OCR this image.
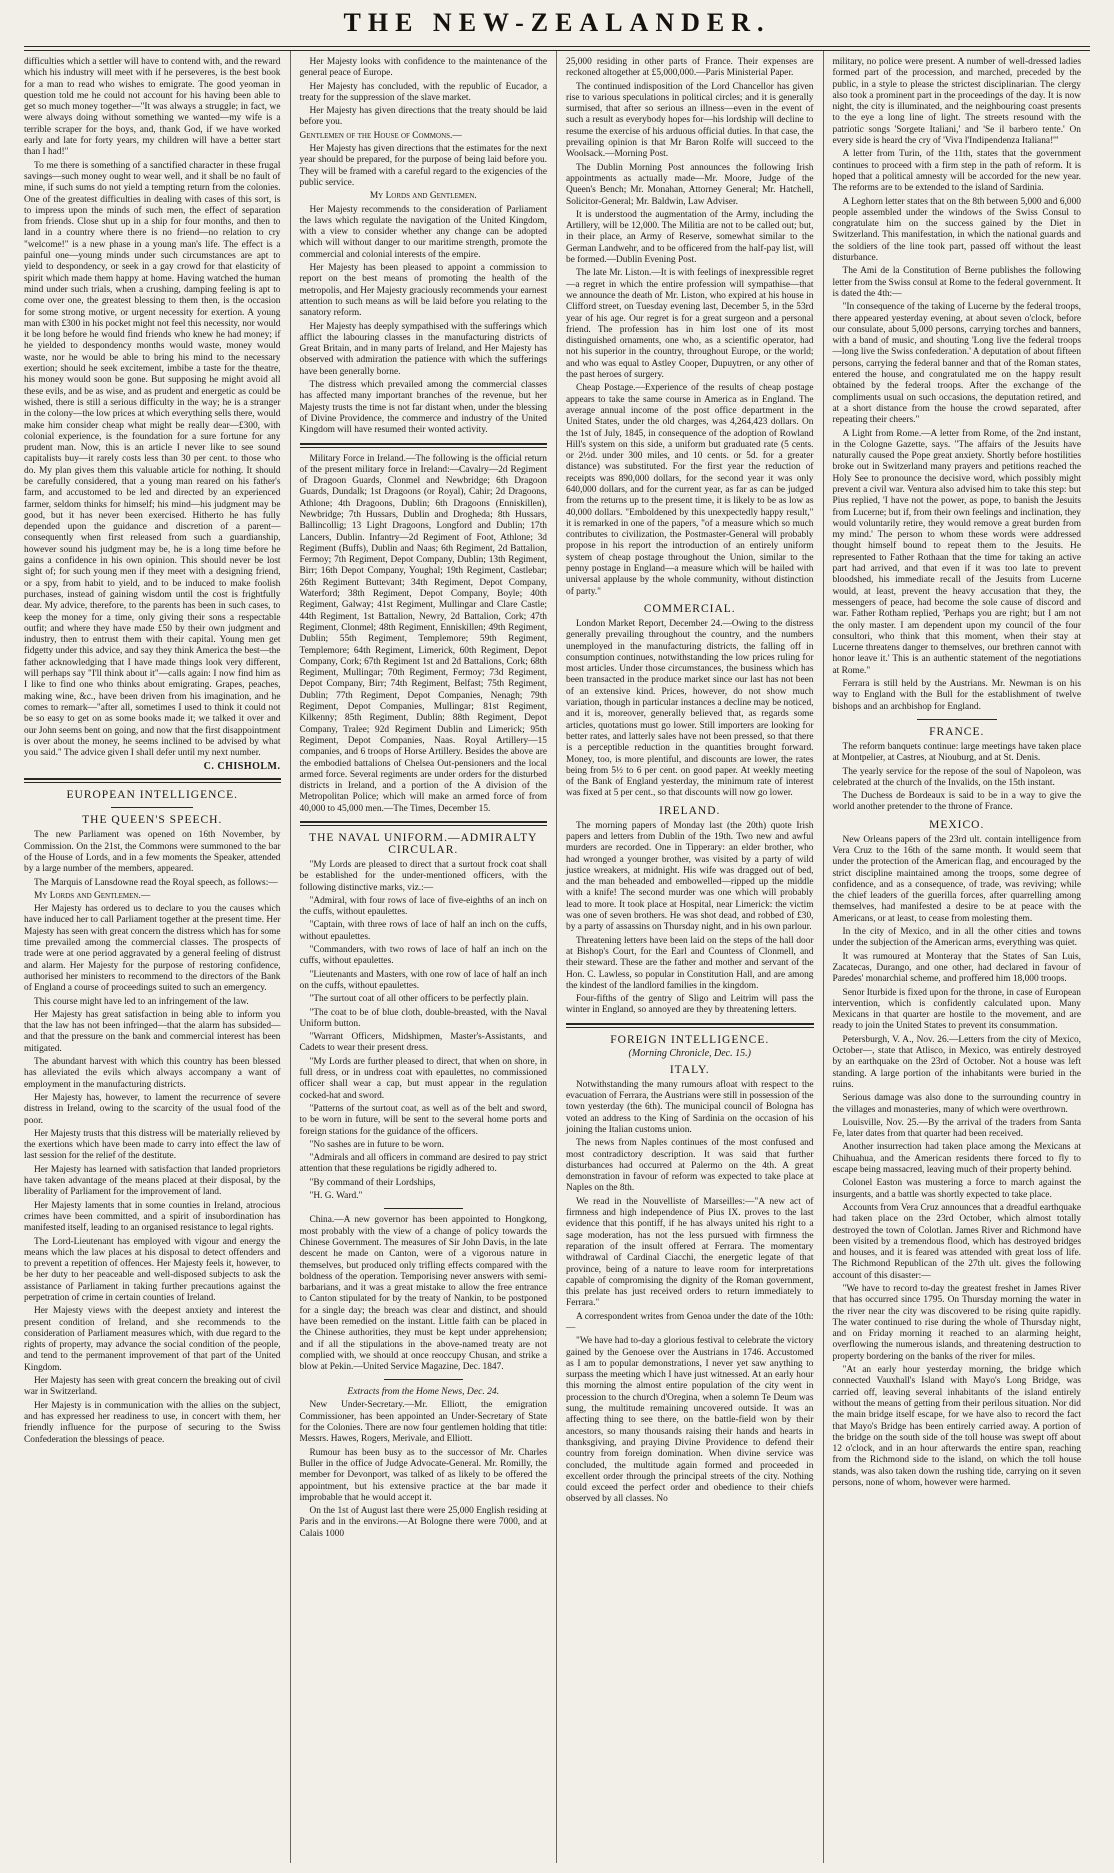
THE NEW-ZEALANDER.

difficulties which a settler will have to contend with, and the reward which his industry will meet with if he perseveres, is the best book for a man to read who wishes to emigrate. The good yeoman in question told me he could not account for his having been able to get so much money together—"It was always a struggle; in fact, we were always doing without something we wanted—my wife is a terrible scraper for the boys, and, thank God, if we have worked early and late for forty years, my children will have a better start than I had!"

To me there is something of a sanctified character in these frugal savings—such money ought to wear well, and it shall be no fault of mine, if such sums do not yield a tempting return from the colonies. One of the greatest difficulties in dealing with cases of this sort, is to impress upon the minds of such men, the effect of separation from friends. Close shut up in a ship for four months, and then to land in a country where there is no friend—no relation to cry "welcome!" is a new phase in a young man's life. The effect is a painful one—young minds under such circumstances are apt to yield to despondency, or seek in a gay crowd for that elasticity of spirit which made them happy at home. Having watched the human mind under such trials, when a crushing, damping feeling is apt to come over one, the greatest blessing to them then, is the occasion for some strong motive, or urgent necessity for exertion. A young man with £300 in his pocket might not feel this necessity, nor would it be long before he would find friends who knew he had money; if he yielded to despondency months would waste, money would waste, nor he would be able to bring his mind to the necessary exertion; should he seek excitement, imbibe a taste for the theatre, his money would soon be gone. But supposing he might avoid all these evils, and be as wise, and as prudent and energetic as could be wished, there is still a serious difficulty in the way; he is a stranger in the colony—the low prices at which everything sells there, would make him consider cheap what might be really dear—£300, with colonial experience, is the foundation for a sure fortune for any prudent man. Now, this is an article I never like to see sound capitalists buy—it rarely costs less than 30 per cent. to those who do. My plan gives them this valuable article for nothing. It should be carefully considered, that a young man reared on his father's farm, and accustomed to be led and directed by an experienced farmer, seldom thinks for himself; his mind—his judgment may be good, but it has never been exercised. Hitherto he has fully depended upon the guidance and discretion of a parent—consequently when first released from such a guardianship, however sound his judgment may be, he is a long time before he gains a confidence in his own opinion. This should never be lost sight of; for such young men if they meet with a designing friend, or a spy, from habit to yield, and to be induced to make foolish purchases, instead of gaining wisdom until the cost is frightfully dear. My advice, therefore, to the parents has been in such cases, to keep the money for a time, only giving their sons a respectable outfit; and where they have made £50 by their own judgment and industry, then to entrust them with their capital. Young men get fidgetty under this advice, and say they think America the best—the father acknowledging that I have made things look very different, will perhaps say "I'll think about it"—calls again: I now find him as I like to find one who thinks about emigrating. Grapes, peaches, making wine, &c., have been driven from his imagination, and he comes to remark—"after all, sometimes I used to think it could not be so easy to get on as some books made it; we talked it over and our John seems bent on going, and now that the first disappointment is over about the money, he seems inclined to be advised by what you said." The advice given I shall defer until my next number.

C. CHISHOLM.
EUROPEAN INTELLIGENCE.
THE QUEEN'S SPEECH.

The new Parliament was opened on 16th November, by Commission. On the 21st, the Commons were summoned to the bar of the House of Lords, and in a few moments the Speaker, attended by a large number of the members, appeared.

The Marquis of Lansdowne read the Royal speech, as follows:—

My Lords and Gentlemen.—

Her Majesty has ordered us to declare to you the causes which have induced her to call Parliament together at the present time. Her Majesty has seen with great concern the distress which has for some time prevailed among the commercial classes. The prospects of trade were at one period aggravated by a general feeling of distrust and alarm. Her Majesty for the purpose of restoring confidence, authorised her ministers to recommend to the directors of the Bank of England a course of proceedings suited to such an emergency.

This course might have led to an infringement of the law.

Her Majesty has great satisfaction in being able to inform you that the law has not been infringed—that the alarm has subsided—and that the pressure on the bank and commercial interest has been mitigated.

The abundant harvest with which this country has been blessed has alleviated the evils which always accompany a want of employment in the manufacturing districts.

Her Majesty has, however, to lament the recurrence of severe distress in Ireland, owing to the scarcity of the usual food of the poor.

Her Majesty trusts that this distress will be materially relieved by the exertions which have been made to carry into effect the law of last session for the relief of the destitute.

Her Majesty has learned with satisfaction that landed proprietors have taken advantage of the means placed at their disposal, by the liberality of Parliament for the improvement of land.

Her Majesty laments that in some counties in Ireland, atrocious crimes have been committed, and a spirit of insubordination has manifested itself, leading to an organised resistance to legal rights.

The Lord-Lieutenant has employed with vigour and energy the means which the law places at his disposal to detect offenders and to prevent a repetition of offences. Her Majesty feels it, however, to be her duty to her peaceable and well-disposed subjects to ask the assistance of Parliament in taking further precautions against the perpetration of crime in certain counties of Ireland.

Her Majesty views with the deepest anxiety and interest the present condition of Ireland, and she recommends to the consideration of Parliament measures which, with due regard to the rights of property, may advance the social condition of the people, and tend to the permanent improvement of that part of the United Kingdom.

Her Majesty has seen with great concern the breaking out of civil war in Switzerland.

Her Majesty is in communication with the allies on the subject, and has expressed her readiness to use, in concert with them, her friendly influence for the purpose of securing to the Swiss Confederation the blessings of peace.

Her Majesty looks with confidence to the maintenance of the general peace of Europe.

Her Majesty has concluded, with the republic of Eucador, a treaty for the suppression of the slave market.

Her Majesty has given directions that the treaty should be laid before you.

Gentlemen of the House of Commons.—

Her Majesty has given directions that the estimates for the next year should be prepared, for the purpose of being laid before you. They will be framed with a careful regard to the exigencies of the public service.

My Lords and Gentlemen.

Her Majesty recommends to the consideration of Parliament the laws which regulate the navigation of the United Kingdom, with a view to consider whether any change can be adopted which will without danger to our maritime strength, promote the commercial and colonial interests of the empire.

Her Majesty has been pleased to appoint a commission to report on the best means of promoting the health of the metropolis, and Her Majesty graciously recommends your earnest attention to such means as will be laid before you relating to the sanatory reform.

Her Majesty has deeply sympathised with the sufferings which afflict the labouring classes in the manufacturing districts of Great Britain, and in many parts of Ireland, and Her Majesty has observed with admiration the patience with which the sufferings have been generally borne.

The distress which prevailed among the commercial classes has affected many important branches of the revenue, but her Majesty trusts the time is not far distant when, under the blessing of Divine Providence, the commerce and industry of the United Kingdom will have resumed their wonted activity.

Military Force in Ireland.—The following is the official return of the present military force in Ireland:—Cavalry—2d Regiment of Dragoon Guards, Clonmel and Newbridge; 6th Dragoon Guards, Dundalk; 1st Dragoons (or Royal), Cahir; 2d Dragoons, Athlone; 4th Dragoons, Dublin; 6th Dragoons (Enniskillen), Newbridge; 7th Hussars, Dublin and Drogheda; 8th Hussars, Ballincollig; 13 Light Dragoons, Longford and Dublin; 17th Lancers, Dublin. Infantry—2d Regiment of Foot, Athlone; 3d Regiment (Buffs), Dublin and Naas; 6th Regiment, 2d Battalion, Fermoy; 7th Regiment, Depot Company, Dublin; 13th Regiment, Birr; 16th Depot Company, Youghal; 19th Regiment, Castlebar; 26th Regiment Buttevant; 34th Regiment, Depot Company, Waterford; 38th Regiment, Depot Company, Boyle; 40th Regiment, Galway; 41st Regiment, Mullingar and Clare Castle; 44th Regiment, 1st Battalion, Newry, 2d Battalion, Cork; 47th Regiment, Clonmel; 48th Regiment, Enniskillen; 49th Regiment, Dublin; 55th Regiment, Templemore; 59th Regiment, Templemore; 64th Regiment, Limerick, 60th Regiment, Depot Company, Cork; 67th Regiment 1st and 2d Battalions, Cork; 68th Regiment, Mullingar; 70th Regiment, Fermoy; 73d Regiment, Depot Company, Birr; 74th Regiment, Belfast; 75th Regiment, Dublin; 77th Regiment, Depot Companies, Nenagh; 79th Regiment, Depot Companies, Mullingar; 81st Regiment, Kilkenny; 85th Regiment, Dublin; 88th Regiment, Depot Company, Tralee; 92d Regiment Dublin and Limerick; 95th Regiment, Depot Companies, Naas. Royal Artillery—15 companies, and 6 troops of Horse Artillery. Besides the above are the embodied battalions of Chelsea Out-pensioners and the local armed force. Several regiments are under orders for the disturbed districts in Ireland, and a portion of the A division of the Metropolitan Police; which will make an armed force of from 40,000 to 45,000 men.—The Times, December 15.

THE NAVAL UNIFORM.—ADMIRALTY CIRCULAR.

"My Lords are pleased to direct that a surtout frock coat shall be established for the under-mentioned officers, with the following distinctive marks, viz.:—

"Admiral, with four rows of lace of five-eighths of an inch on the cuffs, without epaulettes.

"Captain, with three rows of lace of half an inch on the cuffs, without epaulettes.

"Commanders, with two rows of lace of half an inch on the cuffs, without epaulettes.

"Lieutenants and Masters, with one row of lace of half an inch on the cuffs, without epaulettes.

"The surtout coat of all other officers to be perfectly plain.

"The coat to be of blue cloth, double-breasted, with the Naval Uniform button.

"Warrant Officers, Midshipmen, Master's-Assistants, and Cadets to wear their present dress.

"My Lords are further pleased to direct, that when on shore, in full dress, or in undress coat with epaulettes, no commissioned officer shall wear a cap, but must appear in the regulation cocked-hat and sword.

"Patterns of the surtout coat, as well as of the belt and sword, to be worn in future, will be sent to the several home ports and foreign stations for the guidance of the officers.

"No sashes are in future to be worn.

"Admirals and all officers in command are desired to pay strict attention that these regulations be rigidly adhered to.

"By command of their Lordships,

"H. G. Ward."

China.—A new governor has been appointed to Hongkong, most probably with the view of a change of policy towards the Chinese Government. The measures of Sir John Davis, in the late descent he made on Canton, were of a vigorous nature in themselves, but produced only trifling effects compared with the boldness of the operation. Temporising never answers with semi-barbarians, and it was a great mistake to allow the free entrance to Canton stipulated for by the treaty of Nankin, to be postponed for a single day; the breach was clear and distinct, and should have been remedied on the instant. Little faith can be placed in the Chinese authorities, they must be kept under apprehension; and if all the stipulations in the above-named treaty are not complied with, we should at once reoccupy Chusan, and strike a blow at Pekin.—United Service Magazine, Dec. 1847.

Extracts from the Home News, Dec. 24.

New Under-Secretary.—Mr. Elliott, the emigration Commissioner, has been appointed an Under-Secretary of State for the Colonies. There are now four gentlemen holding that title: Messrs. Hawes, Rogers, Merivale, and Elliott.

Rumour has been busy as to the successor of Mr. Charles Buller in the office of Judge Advocate-General. Mr. Romilly, the member for Devonport, was talked of as likely to be offered the appointment, but his extensive practice at the bar made it improbable that he would accept it.

On the 1st of August last there were 25,000 English residing at Paris and in the environs.—At Bologne there were 7000, and at Calais 1000

25,000 residing in other parts of France. Their expenses are reckoned altogether at £5,000,000.—Paris Ministerial Paper.

The continued indisposition of the Lord Chancellor has given rise to various speculations in political circles; and it is generally surmised, that after so serious an illness—even in the event of such a result as everybody hopes for—his lordship will decline to resume the exercise of his arduous official duties. In that case, the prevailing opinion is that Mr Baron Rolfe will succeed to the Woolsack.—Morning Post.

The Dublin Morning Post announces the following Irish appointments as actually made—Mr. Moore, Judge of the Queen's Bench; Mr. Monahan, Attorney General; Mr. Hatchell, Solicitor-General; Mr. Baldwin, Law Adviser.

It is understood the augmentation of the Army, including the Artillery, will be 12,000. The Militia are not to be called out; but, in their place, an Army of Reserve, somewhat similar to the German Landwehr, and to be officered from the half-pay list, will be formed.—Dublin Evening Post.

The late Mr. Liston.—It is with feelings of inexpressible regret—a regret in which the entire profession will sympathise—that we announce the death of Mr. Liston, who expired at his house in Clifford street, on Tuesday evening last, December 5, in the 53rd year of his age. Our regret is for a great surgeon and a personal friend. The profession has in him lost one of its most distinguished ornaments, one who, as a scientific operator, had not his superior in the country, throughout Europe, or the world; and who was equal to Astley Cooper, Dupuytren, or any other of the past heroes of surgery.

Cheap Postage.—Experience of the results of cheap postage appears to take the same course in America as in England. The average annual income of the post office department in the United States, under the old charges, was 4,264,423 dollars. On the 1st of July, 1845, in consequence of the adoption of Rowland Hill's system on this side, a uniform but graduated rate (5 cents. or 2½d. under 300 miles, and 10 cents. or 5d. for a greater distance) was substituted. For the first year the reduction of receipts was 890,000 dollars, for the second year it was only 640,000 dollars, and for the current year, as far as can be judged from the returns up to the present time, it is likely to be as low as 40,000 dollars. "Emboldened by this unexpectedly happy result," it is remarked in one of the papers, "of a measure which so much contributes to civilization, the Postmaster-General will probably propose in his report the introduction of an entirely uniform system of cheap postage throughout the Union, similar to the penny postage in England—a measure which will be hailed with universal applause by the whole community, without distinction of party."

COMMERCIAL.

London Market Report, December 24.—Owing to the distress generally prevailing throughout the country, and the numbers unemployed in the manufacturing districts, the falling off in consumption continues, notwithstanding the low prices ruling for most articles. Under those circumstances, the business which has been transacted in the produce market since our last has not been of an extensive kind. Prices, however, do not show much variation, though in particular instances a decline may be noticed, and it is, moreover, generally believed that, as regards some articles, quotations must go lower. Still importers are looking for better rates, and latterly sales have not been pressed, so that there is a perceptible reduction in the quantities brought forward. Money, too, is more plentiful, and discounts are lower, the rates being from 5½ to 6 per cent. on good paper. At weekly meeting of the Bank of England yesterday, the minimum rate of interest was fixed at 5 per cent., so that discounts will now go lower.

IRELAND.

The morning papers of Monday last (the 20th) quote Irish papers and letters from Dublin of the 19th. Two new and awful murders are recorded. One in Tipperary: an elder brother, who had wronged a younger brother, was visited by a party of wild justice wreakers, at midnight. His wife was dragged out of bed, and the man beheaded and embowelled—ripped up the middle with a knife! The second murder was one which will probably lead to more. It took place at Hospital, near Limerick: the victim was one of seven brothers. He was shot dead, and robbed of £30, by a party of assassins on Thursday night, and in his own parlour.

Threatening letters have been laid on the steps of the hall door at Bishop's Court, for the Earl and Countess of Clonmell, and their steward. These are the father and mother and servant of the Hon. C. Lawless, so popular in Constitution Hall, and are among the kindest of the landlord families in the kingdom.

Four-fifths of the gentry of Sligo and Leitrim will pass the winter in England, so annoyed are they by threatening letters.

FOREIGN INTELLIGENCE.
(Morning Chronicle, Dec. 15.)
ITALY.

Notwithstanding the many rumours afloat with respect to the evacuation of Ferrara, the Austrians were still in possession of the town yesterday (the 6th). The municipal council of Bologna has voted an address to the King of Sardinia on the occasion of his joining the Italian customs union.

The news from Naples continues of the most confused and most contradictory description. It was said that further disturbances had occurred at Palermo on the 4th. A great demonstration in favour of reform was expected to take place at Naples on the 8th.

We read in the Nouvelliste of Marseilles:—"A new act of firmness and high independence of Pius IX. proves to the last evidence that this pontiff, if he has always united his right to a sage moderation, has not the less pursued with firmness the reparation of the insult offered at Ferrara. The momentary withdrawal of Cardinal Ciacchi, the energetic legate of that province, being of a nature to leave room for interpretations capable of compromising the dignity of the Roman government, this prelate has just received orders to return immediately to Ferrara."

A correspondent writes from Genoa under the date of the 10th:—

"We have had to-day a glorious festival to celebrate the victory gained by the Genoese over the Austrians in 1746. Accustomed as I am to popular demonstrations, I never yet saw anything to surpass the meeting which I have just witnessed. At an early hour this morning the almost entire population of the city went in procession to the church d'Oregina, when a solemn Te Deum was sung, the multitude remaining uncovered outside. It was an affecting thing to see there, on the battle-field won by their ancestors, so many thousands raising their hands and hearts in thanksgiving, and praying Divine Providence to defend their country from foreign domination. When divine service was concluded, the multitude again formed and proceeded in excellent order through the principal streets of the city. Nothing could exceed the perfect order and obedience to their chiefs observed by all classes. No

military, no police were present. A number of well-dressed ladies formed part of the procession, and marched, preceded by the public, in a style to please the strictest disciplinarian. The clergy also took a prominent part in the proceedings of the day. It is now night, the city is illuminated, and the neighbouring coast presents to the eye a long line of light. The streets resound with the patriotic songs 'Sorgete Italiani,' and 'Se il barbero tente.' On every side is heard the cry of 'Viva l'Indipendenza Italiana!'"

A letter from Turin, of the 11th, states that the government continues to proceed with a firm step in the path of reform. It is hoped that a political amnesty will be accorded for the new year. The reforms are to be extended to the island of Sardinia.

A Leghorn letter states that on the 8th between 5,000 and 6,000 people assembled under the windows of the Swiss Consul to congratulate him on the success gained by the Diet in Switzerland. This manifestation, in which the national guards and the soldiers of the line took part, passed off without the least disturbance.

The Ami de la Constitution of Berne publishes the following letter from the Swiss consul at Rome to the federal government. It is dated the 4th:—

"In consequence of the taking of Lucerne by the federal troops, there appeared yesterday evening, at about seven o'clock, before our consulate, about 5,000 persons, carrying torches and banners, with a band of music, and shouting 'Long live the federal troops—long live the Swiss confederation.' A deputation of about fifteen persons, carrying the federal banner and that of the Roman states, entered the house, and congratulated me on the happy result obtained by the federal troops. After the exchange of the compliments usual on such occasions, the deputation retired, and at a short distance from the house the crowd separated, after repeating their cheers."

A Light from Rome.—A letter from Rome, of the 2nd instant, in the Cologne Gazette, says. "The affairs of the Jesuits have naturally caused the Pope great anxiety. Shortly before hostilities broke out in Switzerland many prayers and petitions reached the Holy See to pronounce the decisive word, which possibly might prevent a civil war. Ventura also advised him to take this step: but Pius replied, 'I have not the power, as pope, to banish the Jesuits from Lucerne; but if, from their own feelings and inclination, they would voluntarily retire, they would remove a great burden from my mind.' The person to whom these words were addressed thought himself bound to repeat them to the Jesuits. He represented to Father Rothaan that the time for taking an active part had arrived, and that even if it was too late to prevent bloodshed, his immediate recall of the Jesuits from Lucerne would, at least, prevent the heavy accusation that they, the messengers of peace, had become the sole cause of discord and war. Father Rotham replied, 'Perhaps you are right; but I am not the only master. I am dependent upon my council of the four consultori, who think that this moment, when their stay at Lucerne threatens danger to themselves, our brethren cannot with honor leave it.' This is an authentic statement of the negotiations at Rome."

Ferrara is still held by the Austrians. Mr. Newman is on his way to England with the Bull for the establishment of twelve bishops and an archbishop for England.

FRANCE.

The reform banquets continue: large meetings have taken place at Montpelier, at Castres, at Niouburg, and at St. Denis.

The yearly service for the repose of the soul of Napoleon, was celebrated at the church of the Invalids, on the 15th instant.

The Duchess de Bordeaux is said to be in a way to give the world another pretender to the throne of France.

MEXICO.

New Orleans papers of the 23rd ult. contain intelligence from Vera Cruz to the 16th of the same month. It would seem that under the protection of the American flag, and encouraged by the strict discipline maintained among the troops, some degree of confidence, and as a consequence, of trade, was reviving; while the chief leaders of the guerilla forces, after quarrelling among themselves, had manifested a desire to be at peace with the Americans, or at least, to cease from molesting them.

In the city of Mexico, and in all the other cities and towns under the subjection of the American arms, everything was quiet.

It was rumoured at Monteray that the States of San Luis, Zacatecas, Durango, and one other, had declared in favour of Paredes' monarchial scheme, and proffered him 18,000 troops.

Senor Iturbide is fixed upon for the throne, in case of European intervention, which is confidently calculated upon. Many Mexicans in that quarter are hostile to the movement, and are ready to join the United States to prevent its consummation.

Petersburgh, V. A., Nov. 26.—Letters from the city of Mexico, October—, state that Atlisco, in Mexico, was entirely destroyed by an earthquake on the 23rd of October. Not a house was left standing. A large portion of the inhabitants were buried in the ruins.

Serious damage was also done to the surrounding country in the villages and monasteries, many of which were overthrown.

Louisville, Nov. 25.—By the arrival of the traders from Santa Fe, later dates from that quarter had been received.

Another insurrection had taken place among the Mexicans at Chihuahua, and the American residents there forced to fly to escape being massacred, leaving much of their property behind.

Colonel Easton was mustering a force to march against the insurgents, and a battle was shortly expected to take place.

Accounts from Vera Cruz announces that a dreadful earthquake had taken place on the 23rd October, which almost totally destroyed the town of Colotlan. James River and Richmond have been visited by a tremendous flood, which has destroyed bridges and houses, and it is feared was attended with great loss of life. The Richmond Republican of the 27th ult. gives the following account of this disaster:—

"We have to record to-day the greatest freshet in James River that has occurred since 1795. On Thursday morning the water in the river near the city was discovered to be rising quite rapidly. The water continued to rise during the whole of Thursday night, and on Friday morning it reached to an alarming height, overflowing the numerous islands, and threatening destruction to property bordering on the banks of the river for miles.

"At an early hour yesterday morning, the bridge which connected Vauxhall's Island with Mayo's Long Bridge, was carried off, leaving several inhabitants of the island entirely without the means of getting from their perilous situation. Nor did the main bridge itself escape, for we have also to record the fact that Mayo's Bridge has been entirely carried away. A portion of the bridge on the south side of the toll house was swept off about 12 o'clock, and in an hour afterwards the entire span, reaching from the Richmond side to the island, on which the toll house stands, was also taken down the rushing tide, carrying on it seven persons, none of whom, however were harmed.
